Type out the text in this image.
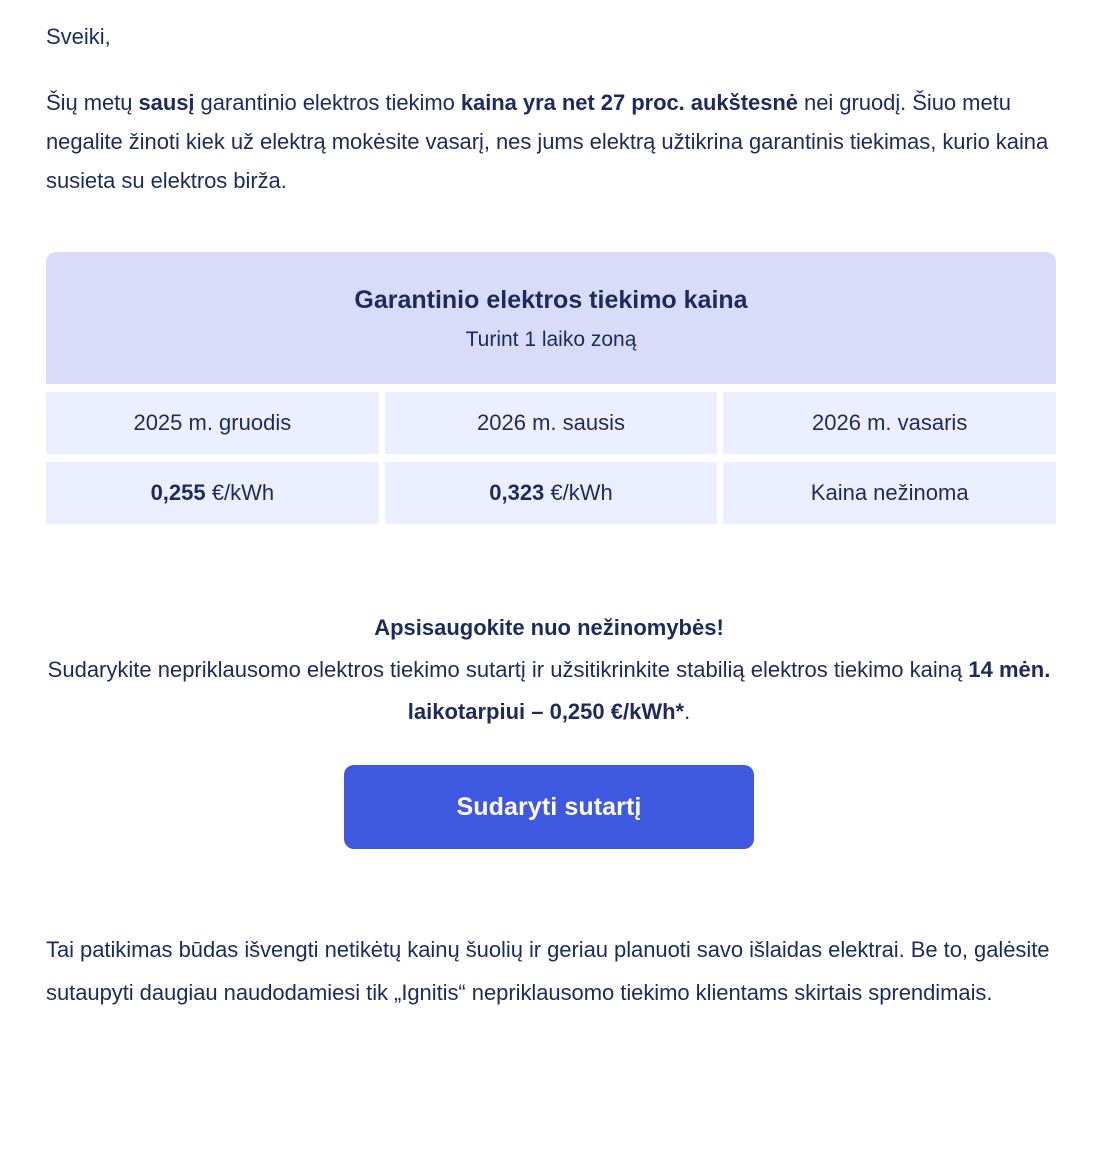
Sveiki,

Šių metų sausį garantinio elektros tiekimo kaina yra net 27 proc. aukštesnė nei gruodį. Šiuo metu negalite žinoti kiek už elektrą mokėsite vasarį, nes jums elektrą užtikrina garantinis tiekimas, kurio kaina susieta su elektros birža.

Garantinio elektros tiekimo kaina
Turint 1 laiko zoną
2025 m. gruodis	2026 m. sausis	2026 m. vasaris
0,255 €/kWh	0,323 €/kWh	Kaina nežinoma

Apsisaugokite nuo nežinomybės!
Sudarykite nepriklausomo elektros tiekimo sutartį ir užsitikrinkite stabilią elektros tiekimo kainą 14 mėn. laikotarpiui – 0,250 €/kWh*.

Sudaryti sutartį

Tai patikimas būdas išvengti netikėtų kainų šuolių ir geriau planuoti savo išlaidas elektrai. Be to, galėsite sutaupyti daugiau naudodamiesi tik „Ignitis“ nepriklausomo tiekimo klientams skirtais sprendimais.
